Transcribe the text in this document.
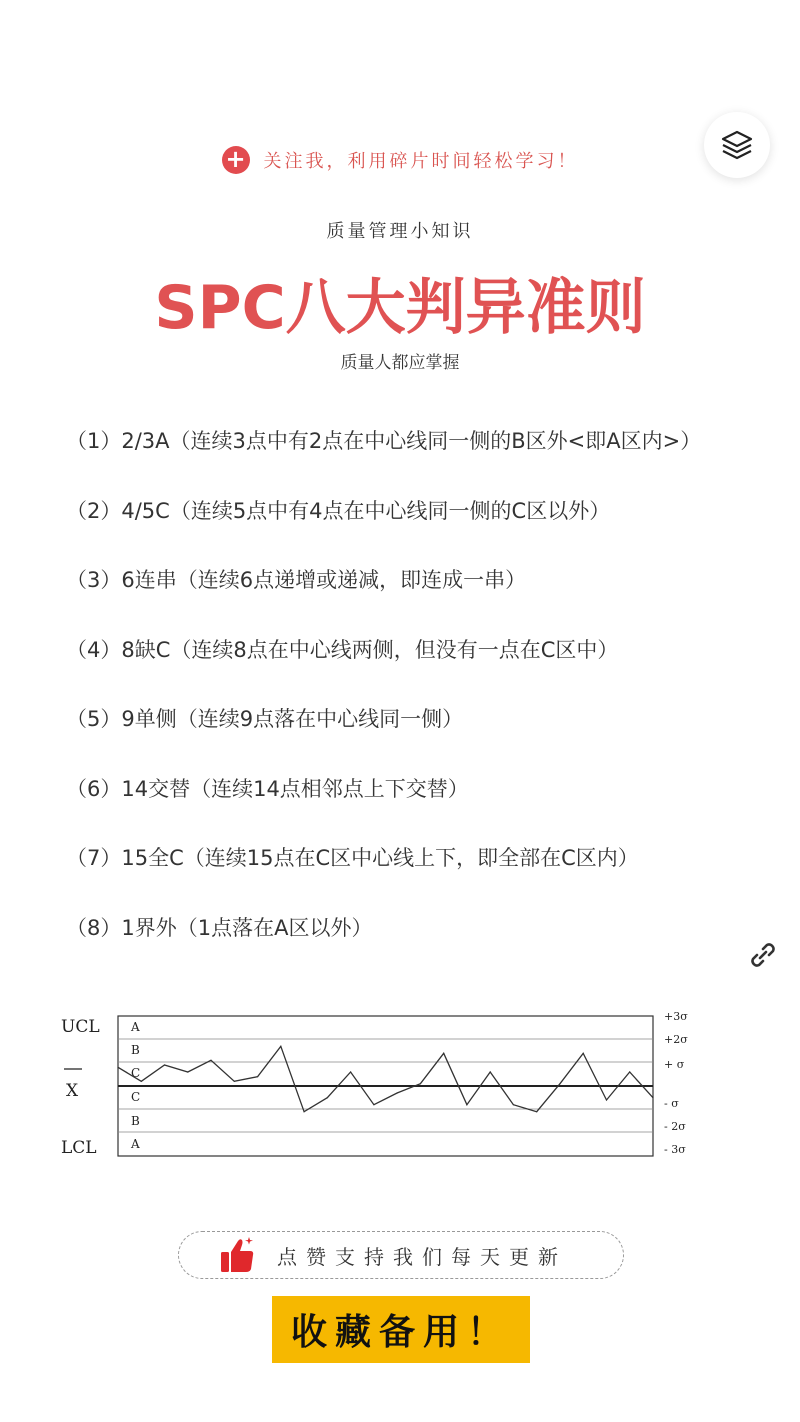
+ 关注我，利用碎片时间轻松学习！
质量管理小知识
SPC八大判异准则
质量人都应掌握
（1）2/3A（连续3点中有2点在中心线同一侧的B区外<即A区内>）
（2）4/5C（连续5点中有4点在中心线同一侧的C区以外）
（3）6连串（连续6点递增或递减，即连成一串）
（4）8缺C（连续8点在中心线两侧，但没有一点在C区中）
（5）9单侧（连续9点落在中心线同一侧）
（6）14交替（连续14点相邻点上下交替）
（7）15全C（连续15点在C区中心线上下，即全部在C区内）
（8）1界外（1点落在A区以外）
UCL
X
LCL
A
B
C
C
B
A
+3σ
+2σ
+ σ
- σ
- 2σ
- 3σ
点赞支持我们每天更新
收藏备用！
